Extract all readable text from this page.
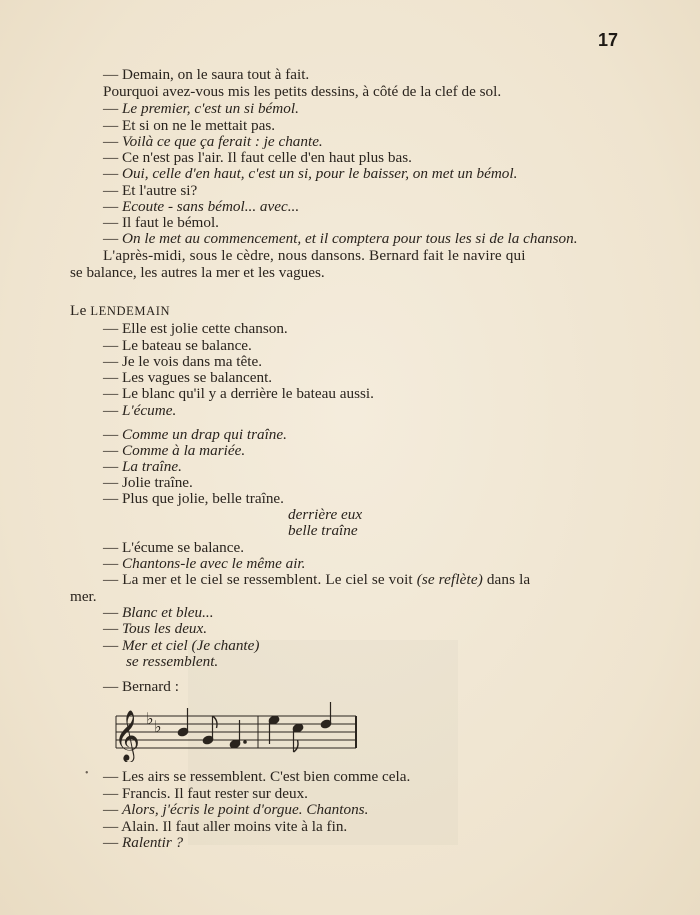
17
— Demain, on le saura tout à fait.
Pourquoi avez-vous mis les petits dessins, à côté de la clef de sol.
— Le premier, c'est un si bémol.
— Et si on ne le mettait pas.
— Voilà ce que ça ferait : je chante.
— Ce n'est pas l'air. Il faut celle d'en haut plus bas.
— Oui, celle d'en haut, c'est un si, pour le baisser, on met un bémol.
— Et l'autre si?
— Ecoute - sans bémol... avec...
— Il faut le bémol.
— On le met au commencement, et il comptera pour tous les si de la chanson.
L'après-midi, sous le cèdre, nous dansons. Bernard fait le navire qui
se balance, les autres la mer et les vagues.
Le LENDEMAIN
— Elle est jolie cette chanson.
— Le bateau se balance.
— Je le vois dans ma tête.
— Les vagues se balancent.
— Le blanc qu'il y a derrière le bateau aussi.
— L'écume.
— Comme un drap qui traîne.
— Comme à la mariée.
— La traîne.
— Jolie traîne.
— Plus que jolie, belle traîne.
derrière eux
belle traîne
— L'écume se balance.
— Chantons-le avec le même air.
— La mer et le ciel se ressemblent. Le ciel se voit (se reflète) dans la
mer.
— Blanc et bleu...
— Tous les deux.
— Mer et ciel (Je chante)
se ressemblent.
— Bernard :
𝄞 ♭ ♭
• — Les airs se ressemblent. C'est bien comme cela.
— Francis. Il faut rester sur deux.
— Alors, j'écris le point d'orgue. Chantons.
— Alain. Il faut aller moins vite à la fin.
— Ralentir ?
